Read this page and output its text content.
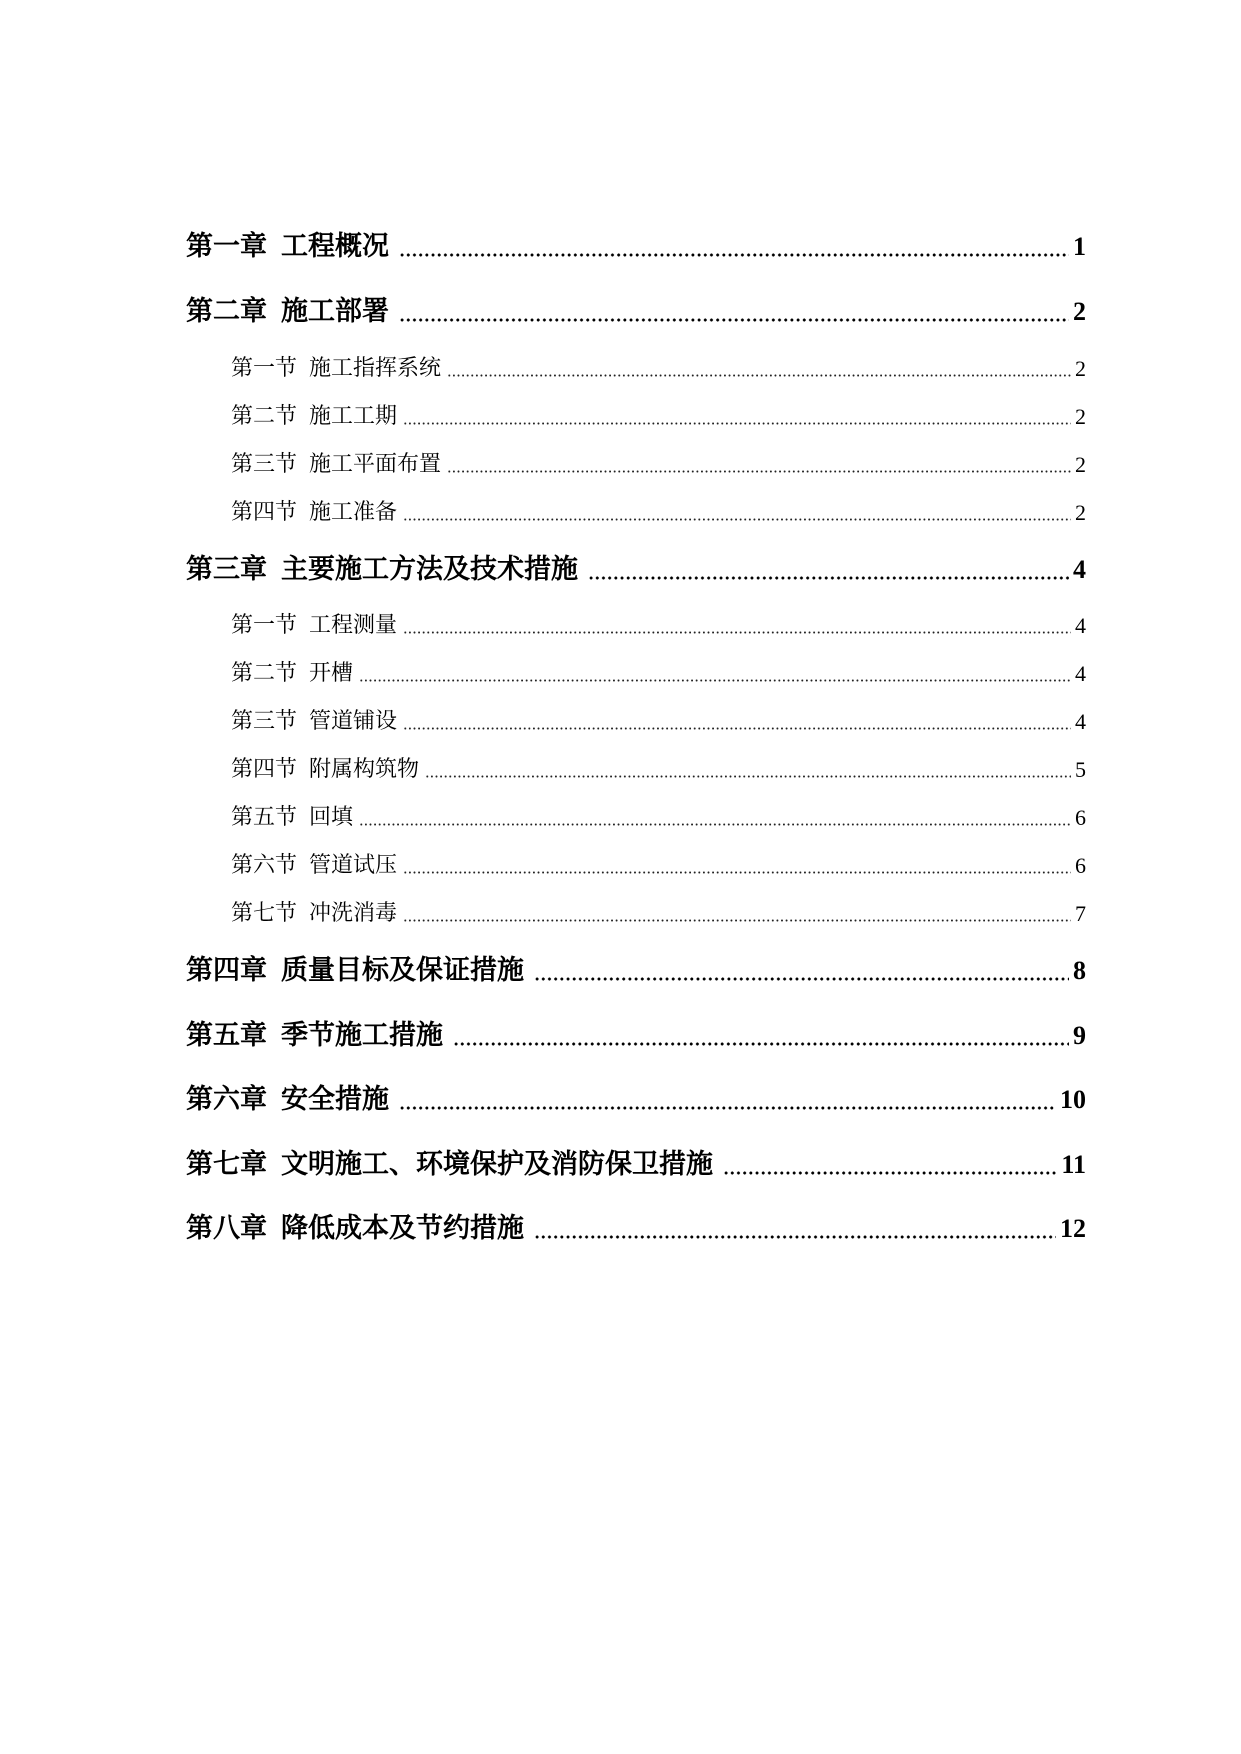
第一章 工程概况	1
第二章 施工部署	2
第一节 施工指挥系统	2
第二节 施工工期	2
第三节 施工平面布置	2
第四节 施工准备	2
第三章 主要施工方法及技术措施	4
第一节 工程测量	4
第二节 开槽	4
第三节 管道铺设	4
第四节 附属构筑物	5
第五节 回填	6
第六节 管道试压	6
第七节 冲洗消毒	7
第四章 质量目标及保证措施	8
第五章 季节施工措施	9
第六章 安全措施	10
第七章 文明施工、环境保护及消防保卫措施	11
第八章 降低成本及节约措施	12
